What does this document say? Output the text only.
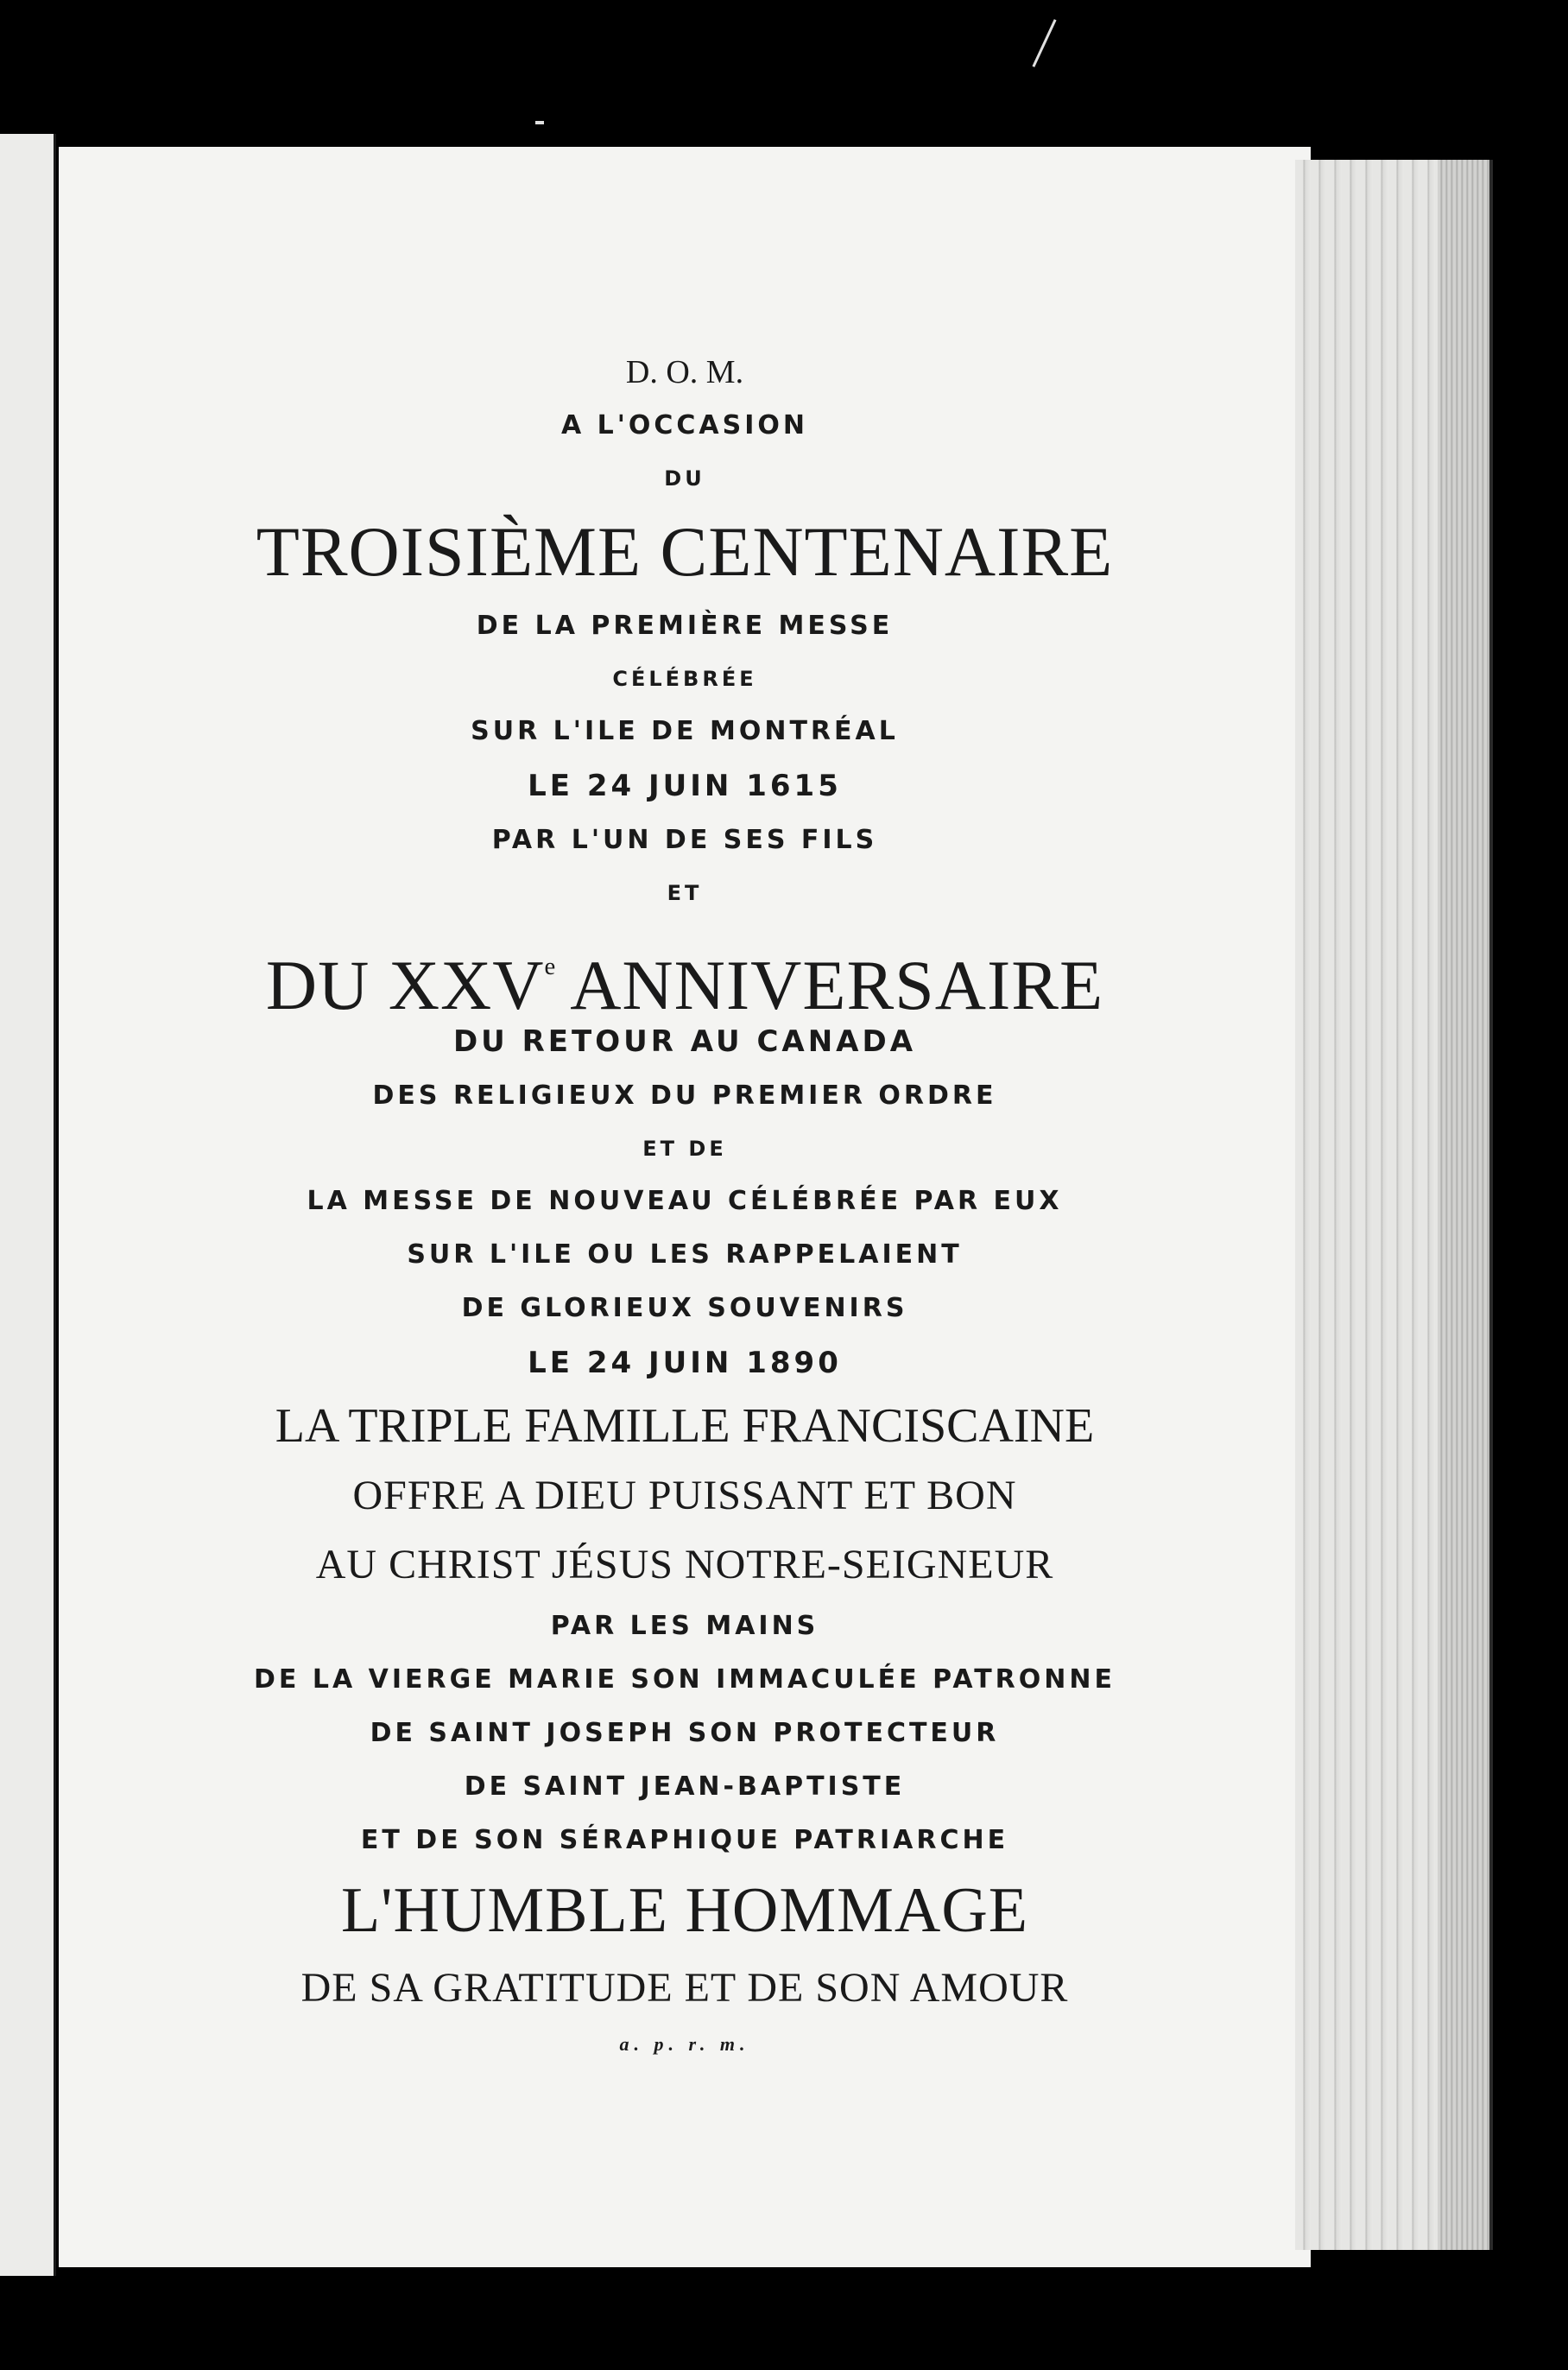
D. O. M.
A L'OCCASION
DU
TROISIÈME CENTENAIRE
DE LA PREMIÈRE MESSE
CÉLÉBRÉE
SUR L'ILE DE MONTRÉAL
LE 24 JUIN 1615
PAR L'UN DE SES FILS
ET
DU XXVe ANNIVERSAIRE
DU RETOUR AU CANADA
DES RELIGIEUX DU PREMIER ORDRE
ET DE
LA MESSE DE NOUVEAU CÉLÉBRÉE PAR EUX
SUR L'ILE OU LES RAPPELAIENT
DE GLORIEUX SOUVENIRS
LE 24 JUIN 1890
LA TRIPLE FAMILLE FRANCISCAINE
OFFRE A DIEU PUISSANT ET BON
AU CHRIST JÉSUS NOTRE-SEIGNEUR
PAR LES MAINS
DE LA VIERGE MARIE SON IMMACULÉE PATRONNE
DE SAINT JOSEPH SON PROTECTEUR
DE SAINT JEAN-BAPTISTE
ET DE SON SÉRAPHIQUE PATRIARCHE
L'HUMBLE HOMMAGE
DE SA GRATITUDE ET DE SON AMOUR
a. p. r. m.
